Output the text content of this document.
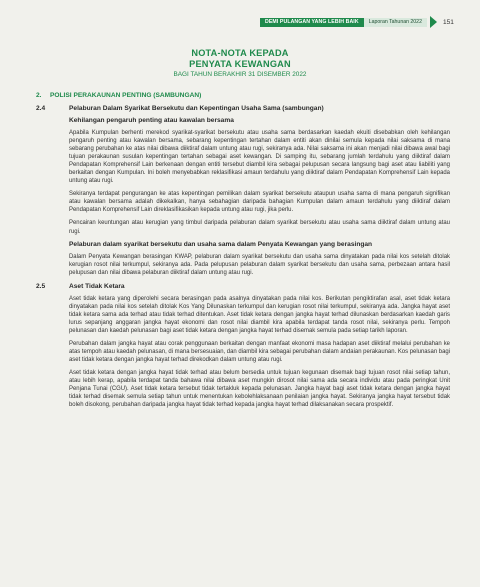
DEMI PULANGAN YANG LEBIH BAIK	Laporan Tahunan 2022	151
NOTA-NOTA KEPADA
PENYATA KEWANGAN
BAGI TAHUN BERAKHIR 31 DISEMBER 2022
2.	POLISI PERAKAUNAN PENTING (SAMBUNGAN)
2.4	Pelaburan Dalam Syarikat Bersekutu dan Kepentingan Usaha Sama (sambungan)
Kehilangan pengaruh penting atau kawalan bersama

Apabila Kumpulan berhenti merekod syarikat-syarikat bersekutu atau usaha sama berdasarkan kaedah ekuiti disebabkan oleh kehilangan pengaruh penting atau kawalan bersama, sebarang kepentingan tertahan dalam entiti akan dinilai semula kepada nilai saksama di mana sebarang perubahan ke atas nilai dibawa diiktiraf dalam untung atau rugi, sekiranya ada. Nilai saksama ini akan menjadi nilai dibawa awal bagi tujuan perakaunan susulan kepentingan tertahan sebagai aset kewangan. Di samping itu, sebarang jumlah terdahulu yang diiktiraf dalam Pendapatan Komprehensif Lain berkenaan dengan entiti tersebut diambil kira sebagai pelupusan secara langsung bagi aset atau liabiliti yang berkaitan dengan Kumpulan. Ini boleh menyebabkan reklasifikasi amaun terdahulu yang diiktiraf dalam Pendapatan Komprehensif Lain kepada untung atau rugi.

Sekiranya terdapat pengurangan ke atas kepentingan pemilikan dalam syarikat bersekutu ataupun usaha sama di mana pengaruh signifikan atau kawalan bersama adalah dikekalkan, hanya sebahagian daripada bahagian Kumpulan dalam amaun terdahulu yang diiktiraf dalam Pendapatan Komprehensif Lain direklasifikasikan kepada untung atau rugi, jika perlu.

Pencairan keuntungan atau kerugian yang timbul daripada pelaburan dalam syarikat bersekutu atau usaha sama diiktiraf dalam untung atau rugi.

Pelaburan dalam syarikat bersekutu dan usaha sama dalam Penyata Kewangan yang berasingan

Dalam Penyata Kewangan berasingan KWAP, pelaburan dalam syarikat bersekutu dan usaha sama dinyatakan pada nilai kos setelah ditolak kerugian rosot nilai terkumpul, sekiranya ada. Pada pelupusan pelaburan dalam syarikat bersekutu dan usaha sama, perbezaan antara hasil pelupusan dan nilai dibawa pelaburan diiktiraf dalam untung atau rugi.

2.5	Aset Tidak Ketara

Aset tidak ketara yang diperolehi secara berasingan pada asalnya dinyatakan pada nilai kos. Berikutan pengiktirafan asal, aset tidak ketara dinyatakan pada nilai kos setelah ditolak Kos Yang Dilunaskan terkumpul dan kerugian rosot nilai terkumpul, sekiranya ada. Jangka hayat aset tidak ketara sama ada terhad atau tidak terhad ditentukan. Aset tidak ketara dengan jangka hayat terhad dilunaskan berdasarkan kaedah garis lurus sepanjang anggaran jangka hayat ekonomi dan rosot nilai diambil kira apabila terdapat tanda rosot nilai, sekiranya perlu. Tempoh pelunasan dan kaedah pelunasan bagi aset tidak ketara dengan jangka hayat terhad disemak semula pada setiap tarikh laporan.

Perubahan dalam jangka hayat atau corak penggunaan berkaitan dengan manfaat ekonomi masa hadapan aset diiktiraf melalui perubahan ke atas tempoh atau kaedah pelunasan, di mana bersesuaian, dan diambil kira sebagai perubahan dalam andaian perakaunan. Kos pelunasan bagi aset tidak ketara dengan jangka hayat terhad direkodkan dalam untung atau rugi.

Aset tidak ketara dengan jangka hayat tidak terhad atau belum bersedia untuk tujuan kegunaan disemak bagi tujuan rosot nilai setiap tahun, atau lebih kerap, apabila terdapat tanda bahawa nilai dibawa aset mungkin dirosot nilai sama ada secara individu atau pada peringkat Unit Penjana Tunai (CGU). Aset tidak ketara tersebut tidak tertakluk kepada pelunasan. Jangka hayat bagi aset tidak ketara dengan jangka hayat tidak terhad disemak semula setiap tahun untuk menentukan kebolehlaksanaan penilaian jangka hayat. Sekiranya jangka hayat tersebut tidak boleh disokong, perubahan daripada jangka hayat tidak terhad kepada jangka hayat terhad dilaksanakan secara prospektif.
